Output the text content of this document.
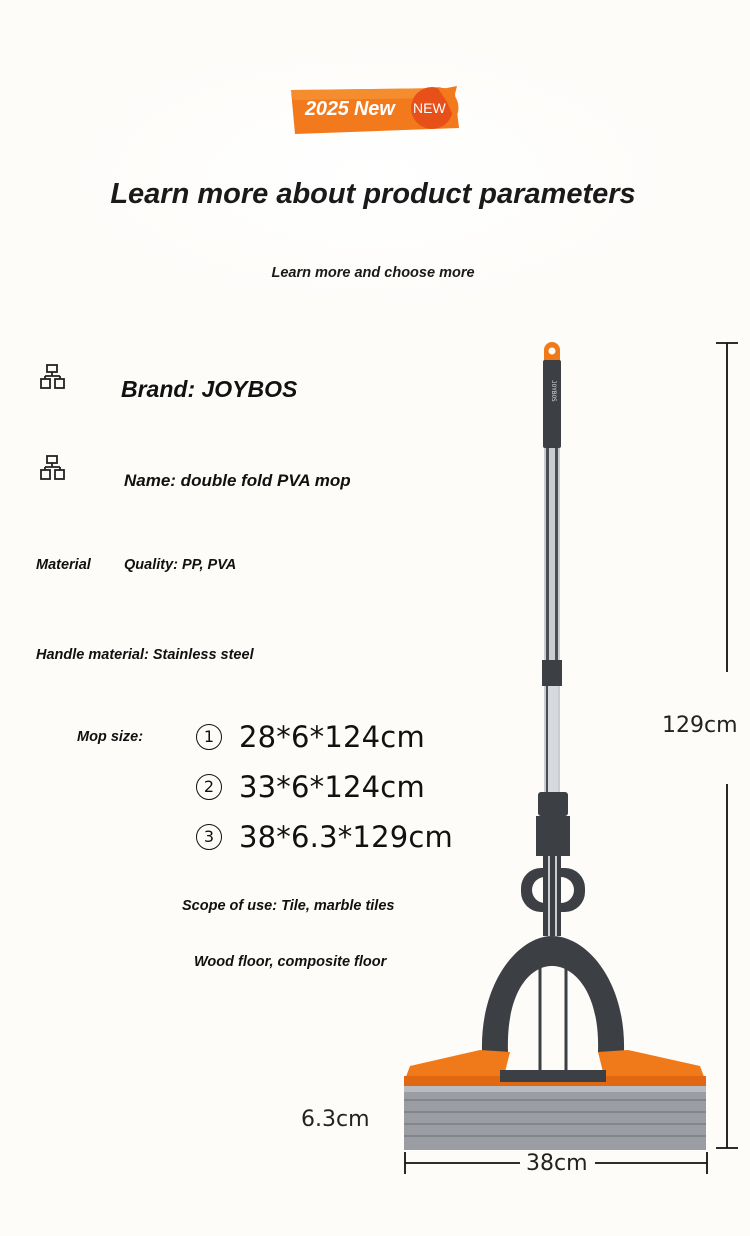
2025 New NEW
Learn more about product parameters
Learn more and choose more
Brand: JOYBOS
Name: double fold PVA mop
Material Quality: PP, PVA
Handle material: Stainless steel
Mop size:	1 28*6*124cm
2 33*6*124cm
3 38*6.3*129cm
Scope of use: Tile, marble tiles
Wood floor, composite floor
JOYBOS
129cm
6.3cm
38cm
